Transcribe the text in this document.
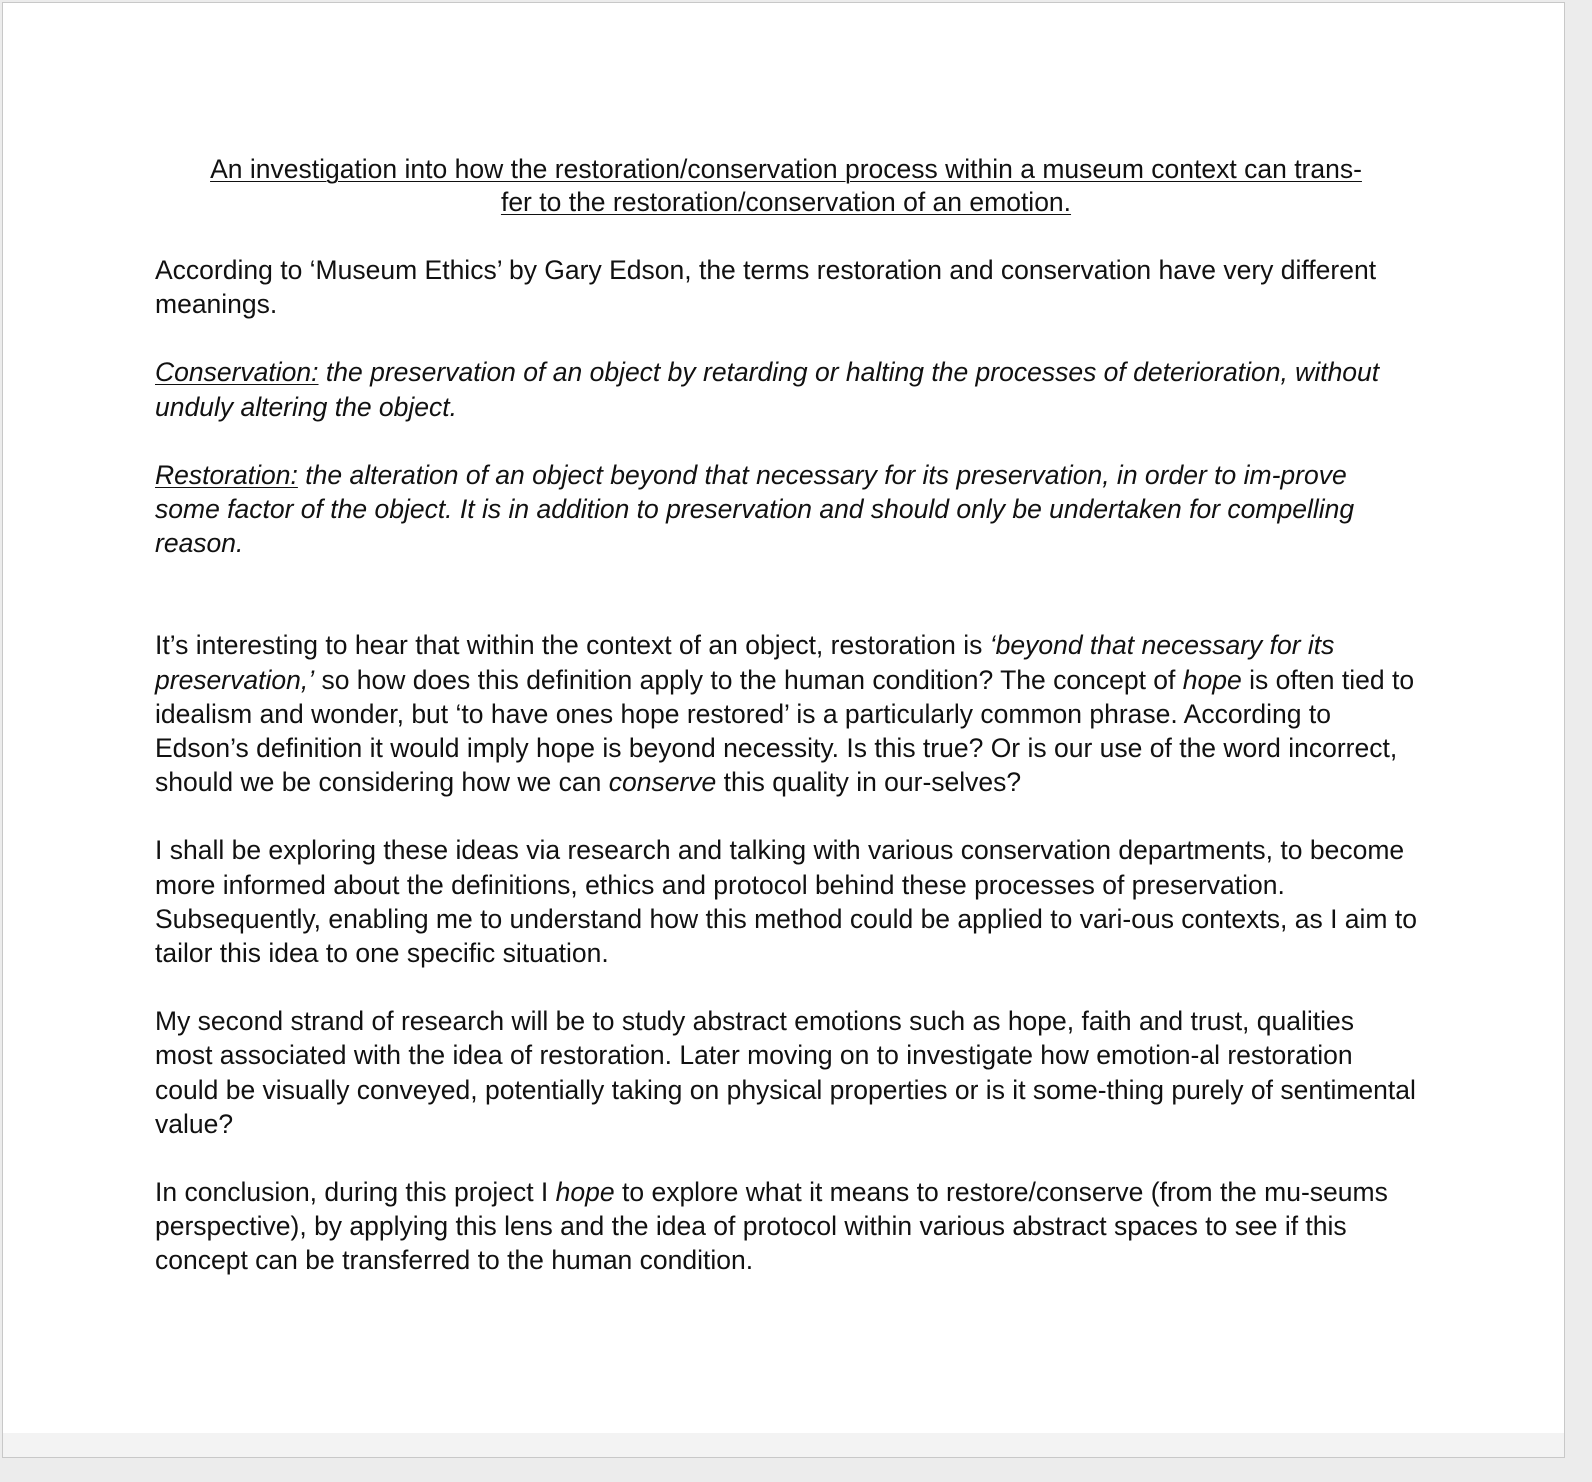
An investigation into how the restoration/conservation process within a museum context can trans-
fer to the restoration/conservation of an emotion.

According to ‘Museum Ethics’ by Gary Edson, the terms restoration and conservation have very different meanings.

Conservation: the preservation of an object by retarding or halting the processes of deterioration, without unduly altering the object.

Restoration: the alteration of an object beyond that necessary for its preservation, in order to im-prove some factor of the object. It is in addition to preservation and should only be undertaken for compelling reason.

It’s interesting to hear that within the context of an object, restoration is ‘beyond that necessary for its preservation,’ so how does this definition apply to the human condition? The concept of hope is often tied to idealism and wonder, but ‘to have ones hope restored’ is a particularly common phrase. According to Edson’s definition it would imply hope is beyond necessity. Is this true? Or is our use of the word incorrect, should we be considering how we can conserve this quality in our-selves?

I shall be exploring these ideas via research and talking with various conservation departments, to become more informed about the definitions, ethics and protocol behind these processes of preservation. Subsequently, enabling me to understand how this method could be applied to vari-ous contexts, as I aim to tailor this idea to one specific situation.

My second strand of research will be to study abstract emotions such as hope, faith and trust, qualities most associated with the idea of restoration. Later moving on to investigate how emotion-al restoration could be visually conveyed, potentially taking on physical properties or is it some-thing purely of sentimental value?

In conclusion, during this project I hope to explore what it means to restore/conserve (from the mu-seums perspective), by applying this lens and the idea of protocol within various abstract spaces to see if this concept can be transferred to the human condition.
